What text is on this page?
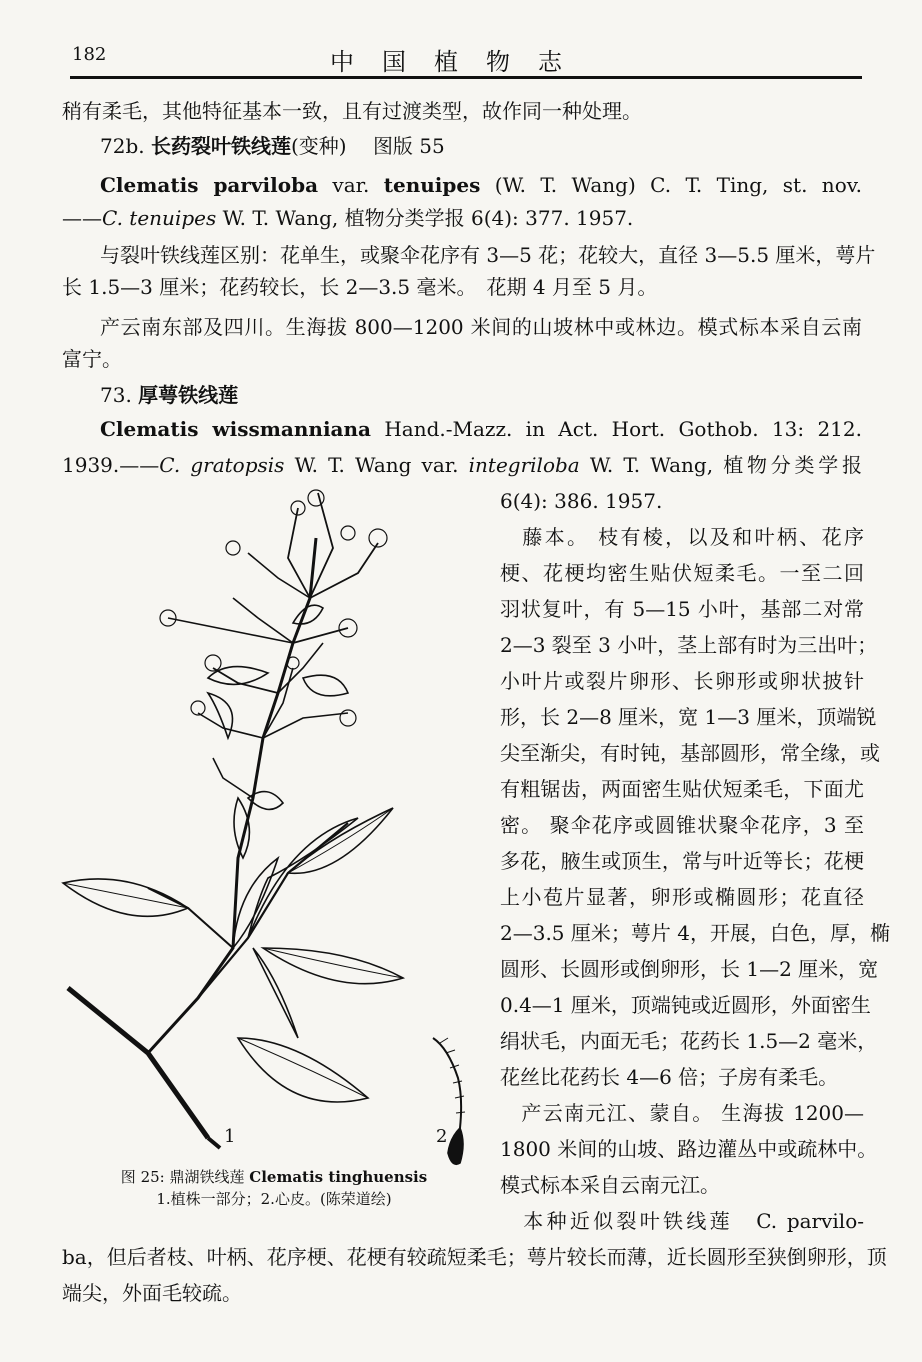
182	中国植物志
稍有柔毛，其他特征基本一致，且有过渡类型，故作同一种处理。
72b. 长药裂叶铁线莲(变种) 图版 55
Clematis parviloba var. tenuipes (W. T. Wang) C. T. Ting, st. nov.
——C. tenuipes W. T. Wang, 植物分类学报 6(4): 377. 1957.
与裂叶铁线莲区别：花单生，或聚伞花序有 3—5 花；花较大，直径 3—5.5 厘米，萼片
长 1.5—3 厘米；花药较长，长 2—3.5 毫米。　花期 4 月至 5 月。
产云南东部及四川。生海拔 800—1200 米间的山坡林中或林边。模式标本采自云南
富宁。
73. 厚萼铁线莲
Clematis wissmanniana Hand.-Mazz. in Act. Hort. Gothob. 13: 212.
1939.——C. gratopsis W. T. Wang var. integriloba W. T. Wang, 植物分类学报
6(4): 386. 1957.
　藤本。 枝有棱，以及和叶柄、花序
梗、花梗均密生贴伏短柔毛。一至二回
羽状复叶，有 5—15 小叶，基部二对常
2—3 裂至 3 小叶，茎上部有时为三出叶；
小叶片或裂片卵形、长卵形或卵状披针
形，长 2—8 厘米，宽 1—3 厘米，顶端锐
尖至渐尖，有时钝，基部圆形，常全缘，或
有粗锯齿，两面密生贴伏短柔毛，下面尤
密。 聚伞花序或圆锥状聚伞花序，3 至
多花，腋生或顶生，常与叶近等长；花梗
上小苞片显著，卵形或椭圆形；花直径
2—3.5 厘米；萼片 4，开展，白色，厚，椭
圆形、长圆形或倒卵形，长 1—2 厘米，宽
0.4—1 厘米，顶端钝或近圆形，外面密生
绢状毛，内面无毛；花药长 1.5—2 毫米，
花丝比花药长 4—6 倍；子房有柔毛。
　产云南元江、蒙自。 生海拔 1200—
1800 米间的山坡、路边灌丛中或疏林中。
模式标本采自云南元江。
　本种近似裂叶铁线莲　C. parvilo-
ba，但后者枝、叶柄、花序梗、花梗有较疏短柔毛；萼片较长而薄，近长圆形至狭倒卵形，顶
端尖，外面毛较疏。
1	2
图 25: 鼎湖铁线莲 Clematis tinghuensis
1.植株一部分；2.心皮。(陈荣道绘)
